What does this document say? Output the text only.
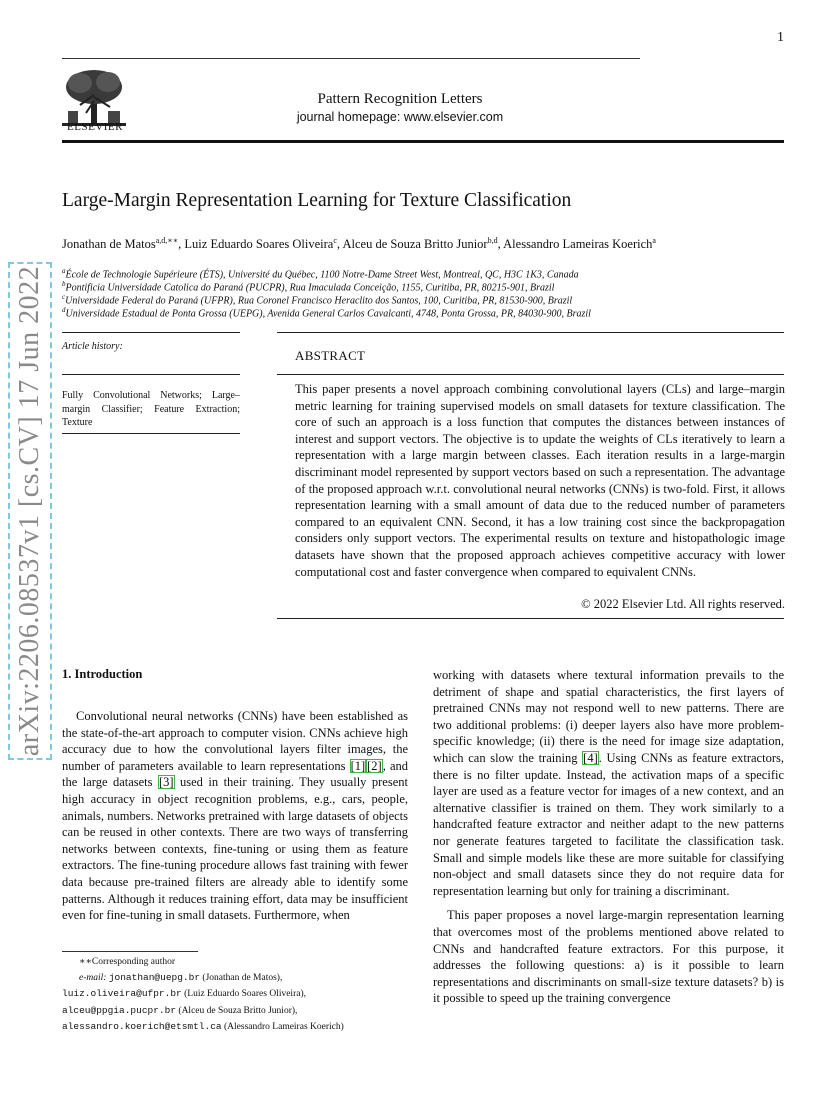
1
arXiv:2206.08537v1 [cs.CV] 17 Jun 2022
ELSEVIER
Pattern Recognition Letters
journal homepage: www.elsevier.com
Large-Margin Representation Learning for Texture Classification
Jonathan de Matos$^{a,d,∗∗}$, Luiz Eduardo Soares Oliveira$^c$, Alceu de Souza Britto Junior$^{b,d}$, Alessandro Lameiras Koerich$^a$
$^a$École de Technologie Supérieure (ÉTS), Université du Québec, 1100 Notre-Dame Street West, Montreal, QC, H3C 1K3, Canada
$^b$Pontificia Universidade Catolica do Paraná (PUCPR), Rua Imaculada Conceição, 1155, Curitiba, PR, 80215-901, Brazil
$^c$Universidade Federal do Paraná (UFPR), Rua Coronel Francisco Heraclito dos Santos, 100, Curitiba, PR, 81530-900, Brazil
$^d$Universidade Estadual de Ponta Grossa (UEPG), Avenida General Carlos Cavalcanti, 4748, Ponta Grossa, PR, 84030-900, Brazil
Article history:
Fully Convolutional Networks; Large–margin Classifier; Feature Extraction; Texture
ABSTRACT
This paper presents a novel approach combining convolutional layers (CLs) and large–margin metric learning for training supervised models on small datasets for texture classification. The core of such an approach is a loss function that computes the distances between instances of interest and support vectors. The objective is to update the weights of CLs iteratively to learn a representation with a large margin between classes. Each iteration results in a large-margin discriminant model represented by support vectors based on such a representation. The advantage of the proposed approach w.r.t. convolutional neural networks (CNNs) is two-fold. First, it allows representation learning with a small amount of data due to the reduced number of parameters compared to an equivalent CNN. Second, it has a low training cost since the backpropagation considers only support vectors. The experimental results on texture and histopathologic image datasets have shown that the proposed approach achieves competitive accuracy with lower computational cost and faster convergence when compared to equivalent CNNs.
© 2022 Elsevier Ltd. All rights reserved.
1. Introduction

Convolutional neural networks (CNNs) have been established as the state-of-the-art approach to computer vision. CNNs achieve high accuracy due to how the convolutional layers filter images, the number of parameters available to learn representations [1] [2], and the large datasets [3] used in their training. They usually present high accuracy in object recognition problems, e.g., cars, people, animals, numbers. Networks pretrained with large datasets of objects can be reused in other contexts. There are two ways of transferring networks between contexts, fine-tuning or using them as feature extractors. The fine-tuning procedure allows fast training with fewer data because pre-trained filters are already able to identify some patterns. Although it reduces training effort, data may be insufficient even for fine-tuning in small datasets. Furthermore, when

working with datasets where textural information prevails to the detriment of shape and spatial characteristics, the first layers of pretrained CNNs may not respond well to new patterns. There are two additional problems: (i) deeper layers also have more problem-specific knowledge; (ii) there is the need for image size adaptation, which can slow the training [4]. Using CNNs as feature extractors, there is no filter update. Instead, the activation maps of a specific layer are used as a feature vector for images of a new context, and an alternative classifier is trained on them. They work similarly to a handcrafted feature extractor and neither adapt to the new patterns nor generate features targeted to facilitate the classification task. Small and simple models like these are more suitable for classifying non-object and small datasets since they do not require data for representation learning but only for training a discriminant.

This paper proposes a novel large-margin representation learning that overcomes most of the problems mentioned above related to CNNs and handcrafted feature extractors. For this purpose, it addresses the following questions: a) is it possible to learn representations and discriminants on small-size texture datasets? b) is it possible to speed up the training convergence

∗∗Corresponding author
e-mail: jonathan@uepg.br (Jonathan de Matos),
luiz.oliveira@ufpr.br (Luiz Eduardo Soares Oliveira),
alceu@ppgia.pucpr.br (Alceu de Souza Britto Junior),
alessandro.koerich@etsmtl.ca (Alessandro Lameiras Koerich)
